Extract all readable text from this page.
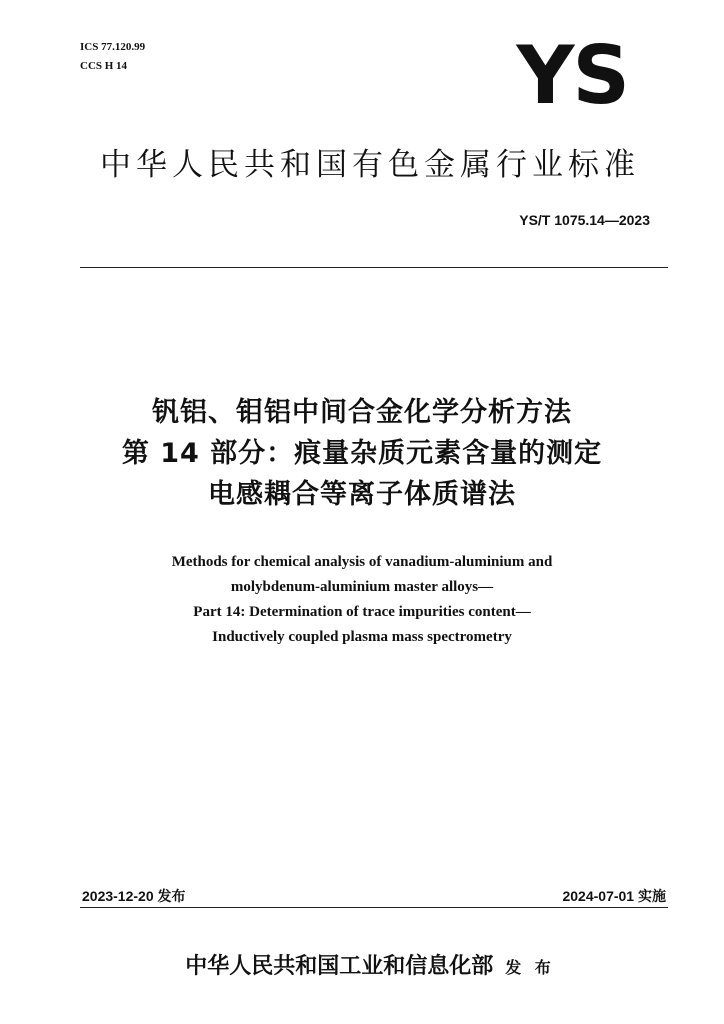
ICS 77.120.99
CCS H 14	YS
中华人民共和国有色金属行业标准
YS/T 1075.14—2023
钒铝、钼铝中间合金化学分析方法
第 14 部分：痕量杂质元素含量的测定
电感耦合等离子体质谱法
Methods for chemical analysis of vanadium-aluminium and
molybdenum-aluminium master alloys—
Part 14: Determination of trace impurities content—
Inductively coupled plasma mass spectrometry
2023-12-20 发布	2024-07-01 实施
中华人民共和国工业和信息化部 发 布
